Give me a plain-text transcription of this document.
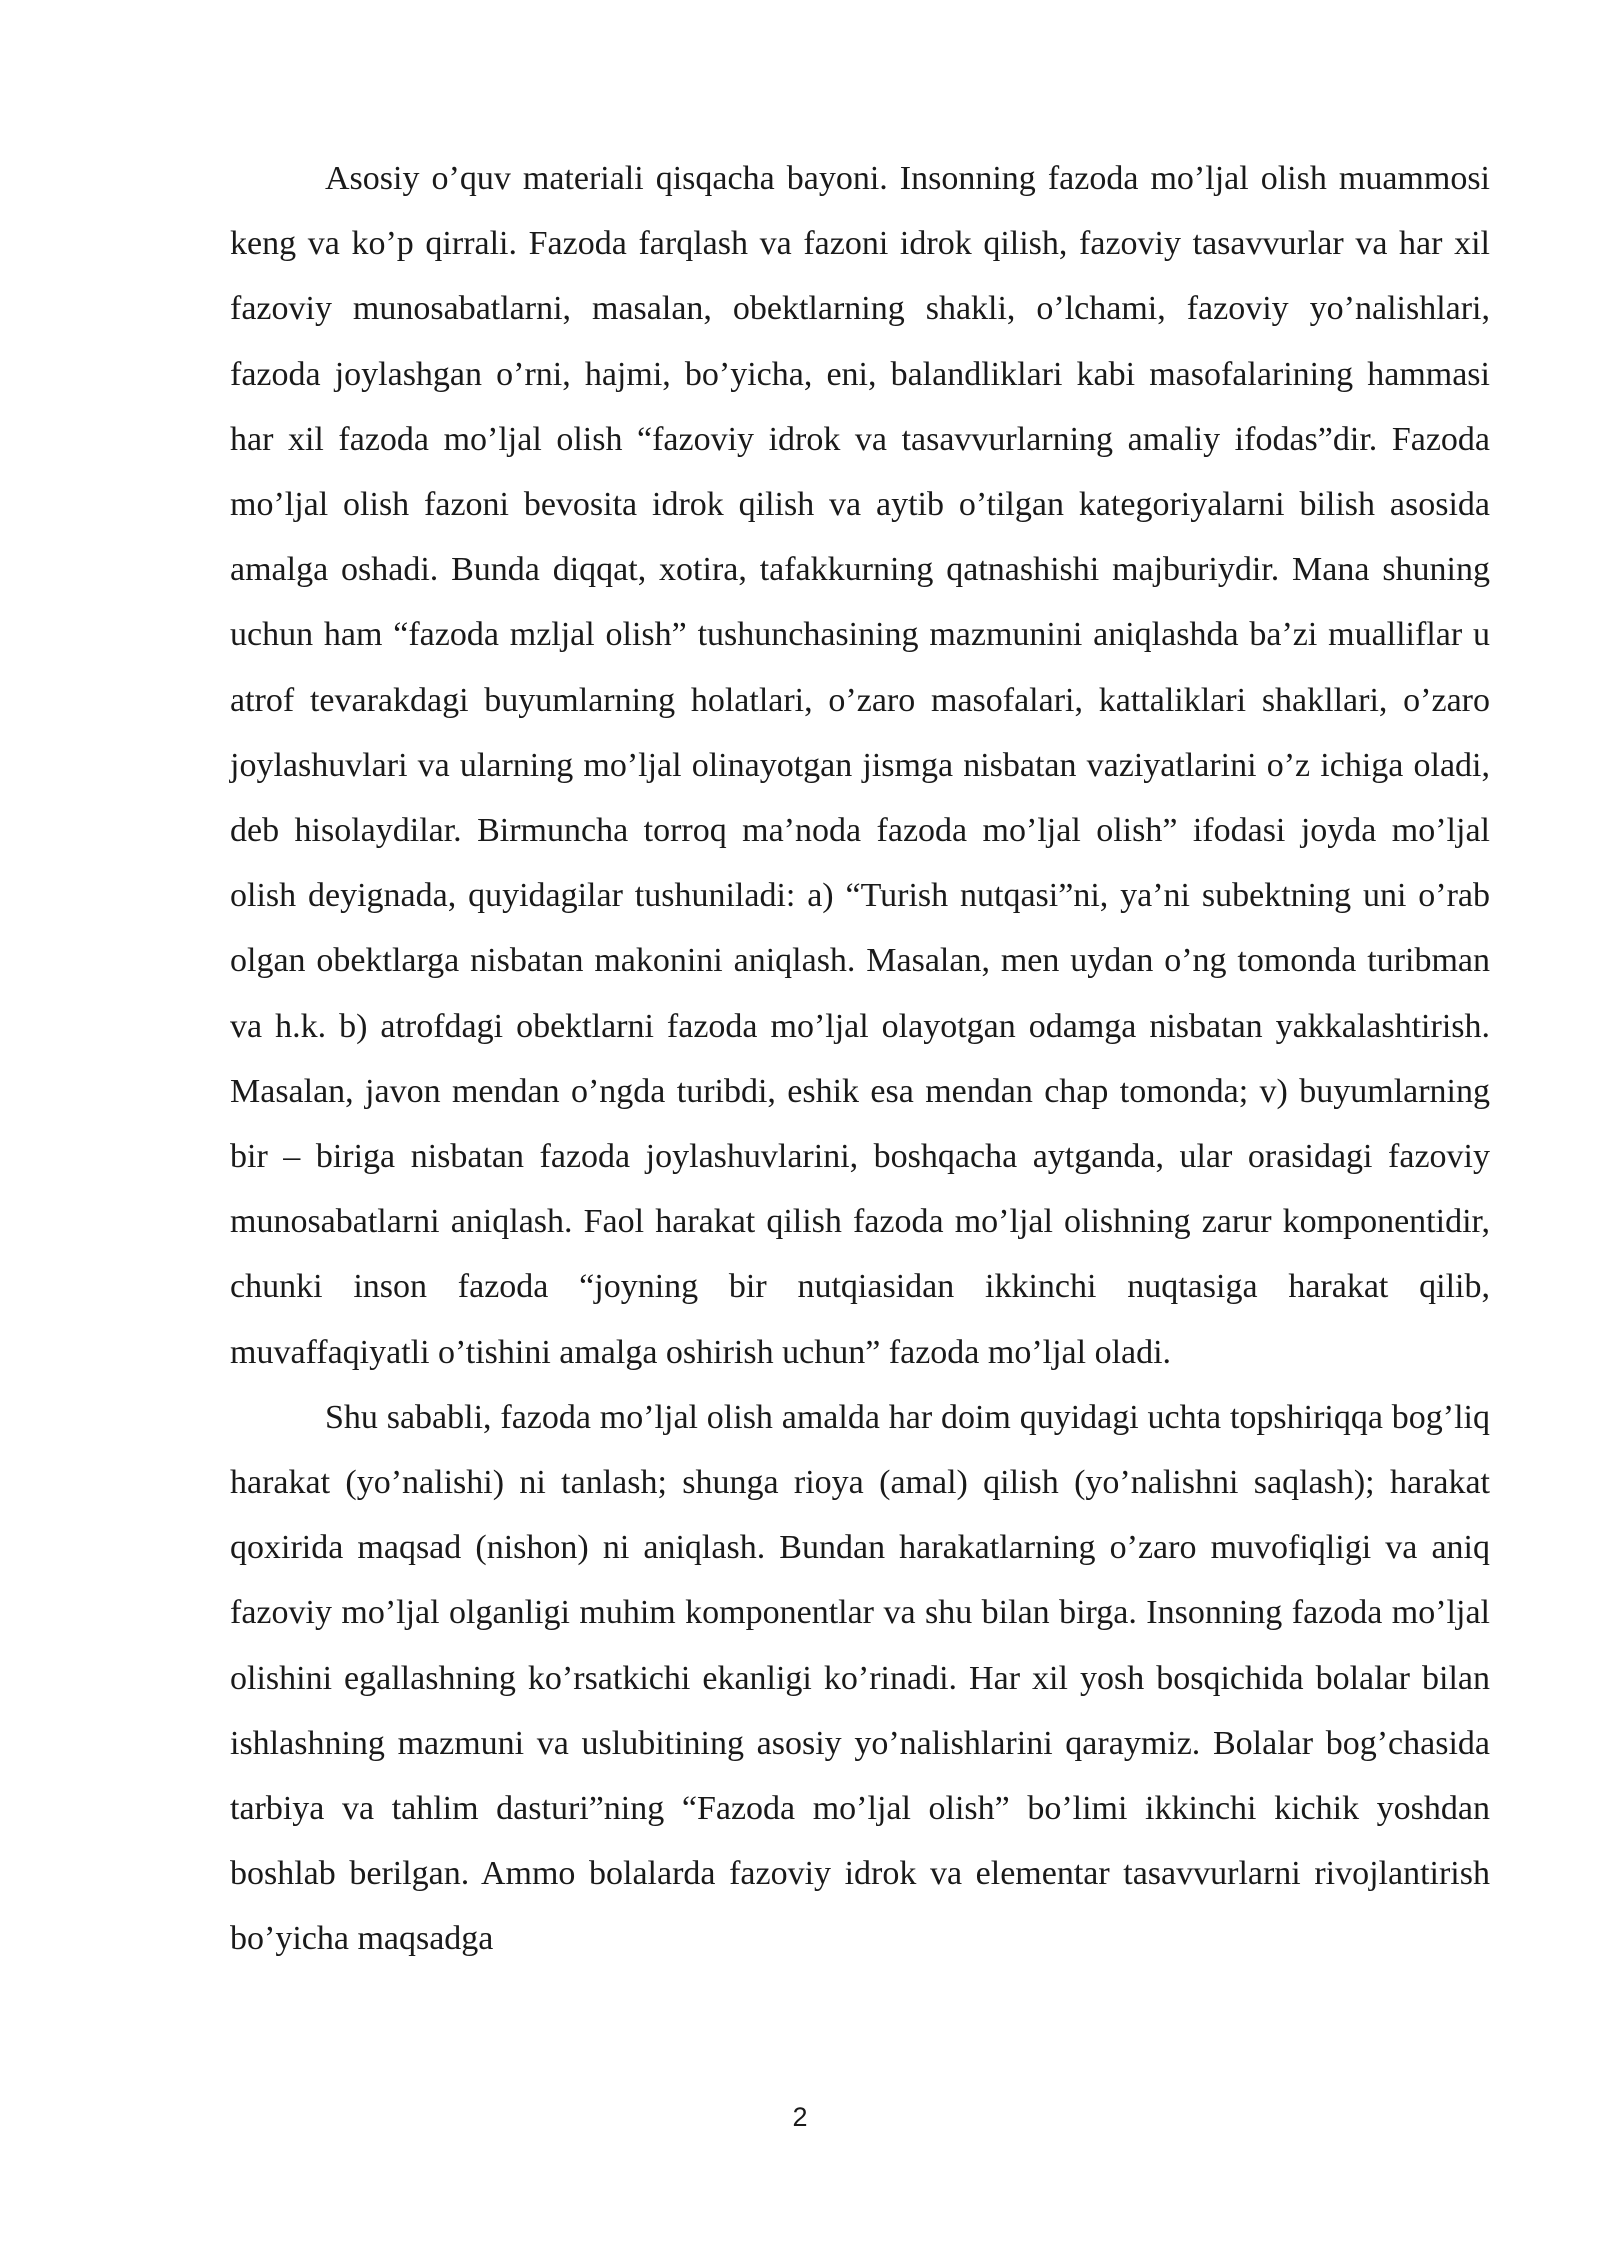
Asosiy o’quv materiali qisqacha bayoni. Insonning fazoda mo’ljal olish muammosi keng va ko’p qirrali. Fazoda farqlash va fazoni idrok qilish, fazoviy tasavvurlar va har xil fazoviy munosabatlarni, masalan, obektlarning shakli, o’lchami, fazoviy yo’nalishlari, fazoda joylashgan o’rni, hajmi, bo’yicha, eni, balandliklari kabi masofalarining hammasi har xil fazoda mo’ljal olish “fazoviy idrok va tasavvurlarning amaliy ifodas”dir. Fazoda mo’ljal olish fazoni bevosita idrok qilish va aytib o’tilgan kategoriyalarni bilish asosida amalga oshadi. Bunda diqqat, xotira, tafakkurning qatnashishi majburiydir. Mana shuning uchun ham “fazoda mzljal olish” tushunchasining mazmunini aniqlashda ba’zi mualliflar u atrof tevarakdagi buyumlarning holatlari, o’zaro masofalari, kattaliklari shakllari, o’zaro joylashuvlari va ularning mo’ljal olinayotgan jismga nisbatan vaziyatlarini o’z ichiga oladi, deb hisolaydilar. Birmuncha torroq ma’noda fazoda mo’ljal olish” ifodasi joyda mo’ljal olish deyignada, quyidagilar tushuniladi: a) “Turish nutqasi”ni, ya’ni subektning uni o’rab olgan obektlarga nisbatan makonini aniqlash. Masalan, men uydan o’ng tomonda turibman va h.k. b) atrofdagi obektlarni fazoda mo’ljal olayotgan odamga nisbatan yakkalashtirish. Masalan, javon mendan o’ngda turibdi, eshik esa mendan chap tomonda; v) buyumlarning bir – biriga nisbatan fazoda joylashuvlarini, boshqacha aytganda, ular orasidagi fazoviy munosabatlarni aniqlash. Faol harakat qilish fazoda mo’ljal olishning zarur komponentidir, chunki inson fazoda “joyning bir nutqiasidan ikkinchi nuqtasiga harakat qilib, muvaffaqiyatli o’tishini amalga oshirish uchun” fazoda mo’ljal oladi.

Shu sababli, fazoda mo’ljal olish amalda har doim quyidagi uchta topshiriqqa bog’liq harakat (yo’nalishi) ni tanlash; shunga rioya (amal) qilish (yo’nalishni saqlash); harakat qoxirida maqsad (nishon) ni aniqlash. Bundan harakatlarning o’zaro muvofiqligi va aniq fazoviy mo’ljal olganligi muhim komponentlar va shu bilan birga. Insonning fazoda mo’ljal olishini egallashning ko’rsatkichi ekanligi ko’rinadi. Har xil yosh bosqichida bolalar bilan ishlashning mazmuni va uslubitining asosiy yo’nalishlarini qaraymiz. Bolalar bog’chasida tarbiya va tahlim dasturi”ning “Fazoda mo’ljal olish” bo’limi ikkinchi kichik yoshdan boshlab berilgan. Ammo bolalarda fazoviy idrok va elementar tasavvurlarni rivojlantirish bo’yicha maqsadga

2
